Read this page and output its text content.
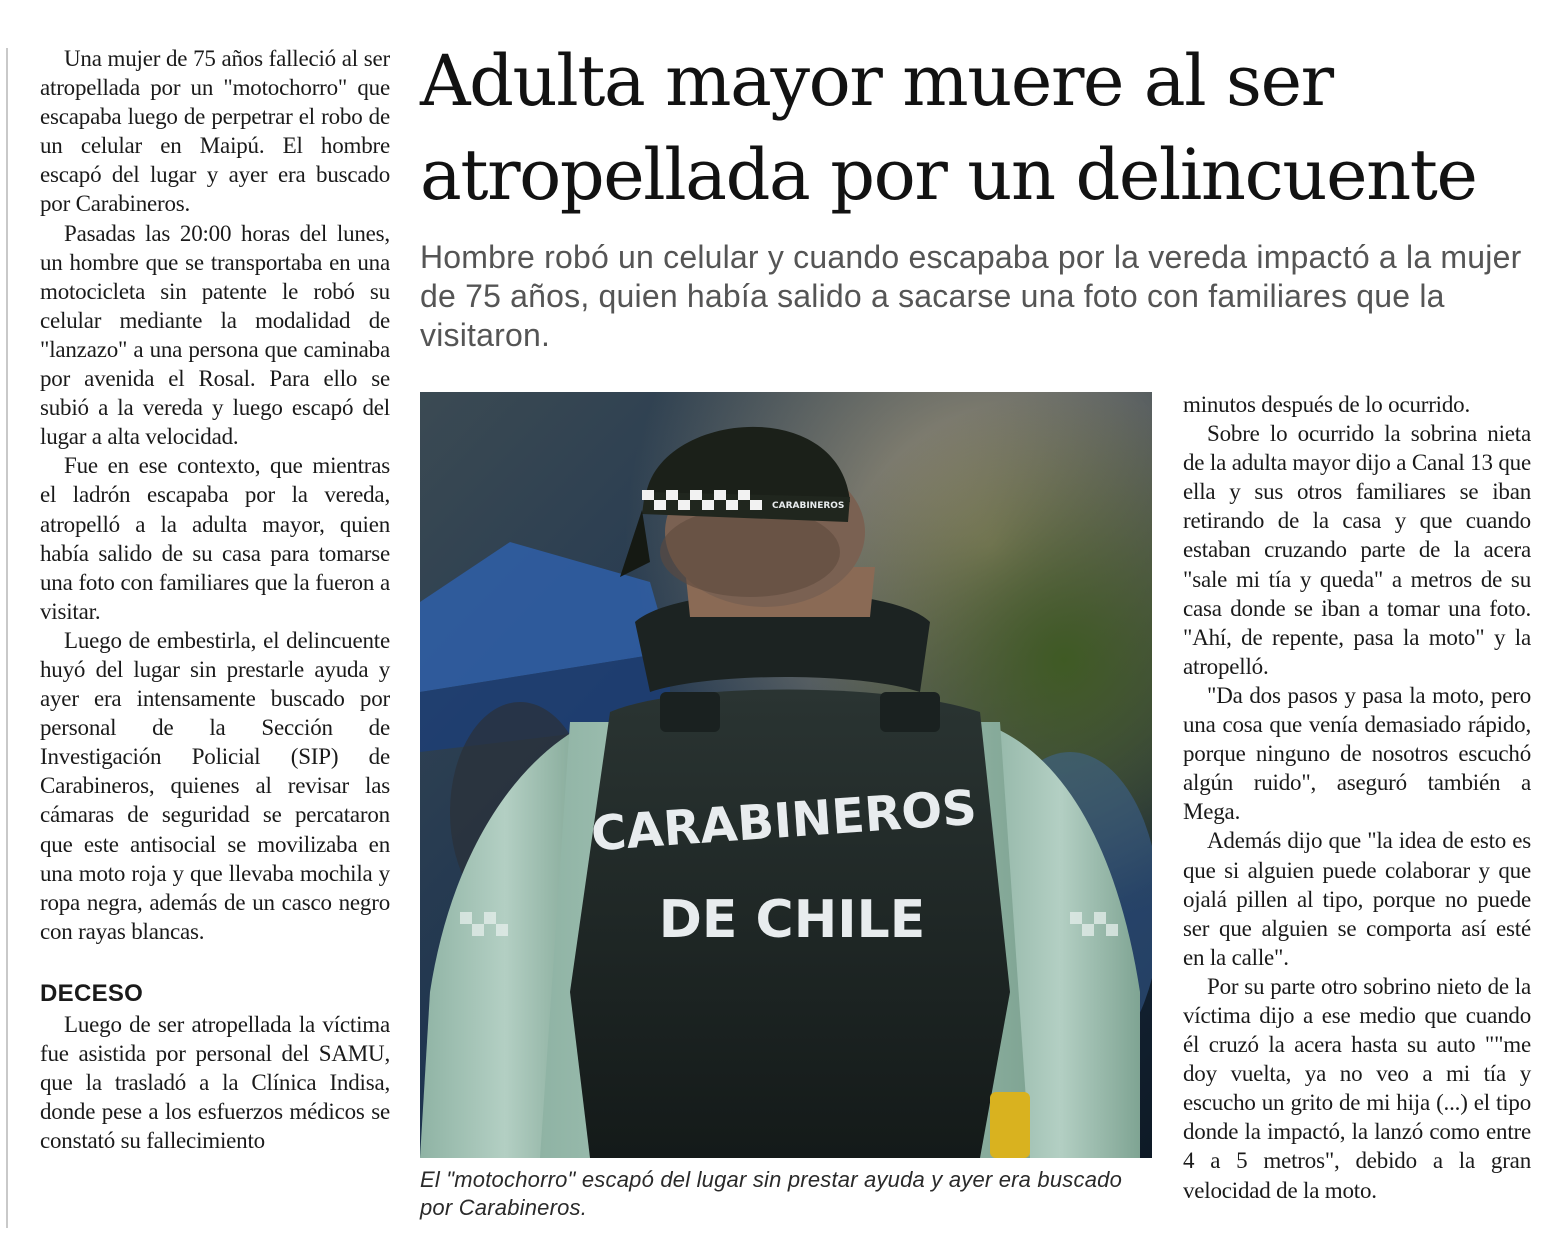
Una mujer de 75 años falleció al ser atropellada por un "motochorro" que escapaba luego de perpetrar el robo de un celular en Maipú. El hombre escapó del lugar y ayer era buscado por Carabineros.

Pasadas las 20:00 horas del lunes, un hombre que se transportaba en una motocicleta sin patente le robó su celular mediante la modalidad de "lanzazo" a una persona que caminaba por avenida el Rosal. Para ello se subió a la vereda y luego escapó del lugar a alta velocidad.

Fue en ese contexto, que mientras el ladrón escapaba por la vereda, atropelló a la adulta mayor, quien había salido de su casa para tomarse una foto con familiares que la fueron a visitar.

Luego de embestirla, el delincuente huyó del lugar sin prestarle ayuda y ayer era intensamente buscado por personal de la Sección de Investigación Policial (SIP) de Carabineros, quienes al revisar las cámaras de seguridad se percataron que este antisocial se movilizaba en una moto roja y que llevaba mochila y ropa negra, además de un casco negro con rayas blancas.

DECESO

Luego de ser atropellada la víctima fue asistida por personal del SAMU, que la trasladó a la Clínica Indisa, donde pese a los esfuerzos médicos se constató su fallecimiento

Adulta mayor muere al ser atropellada por un delincuente

Hombre robó un celular y cuando escapaba por la vereda impactó a la mujer de 75 años, quien había salido a sacarse una foto con familiares que la visitaron.

CARABINEROS
CARABINEROS
DE CHILE

El "motochorro" escapó del lugar sin prestar ayuda y ayer era buscado por Carabineros.

minutos después de lo ocurrido.

Sobre lo ocurrido la sobrina nieta de la adulta mayor dijo a Canal 13 que ella y sus otros familiares se iban retirando de la casa y que cuando estaban cruzando parte de la acera "sale mi tía y queda" a metros de su casa donde se iban a tomar una foto. "Ahí, de repente, pasa la moto" y la atropelló.

"Da dos pasos y pasa la moto, pero una cosa que venía demasiado rápido, porque ninguno de nosotros escuchó algún ruido", aseguró también a Mega.

Además dijo que "la idea de esto es que si alguien puede colaborar y que ojalá pillen al tipo, porque no puede ser que alguien se comporta así esté en la calle".

Por su parte otro sobrino nieto de la víctima dijo a ese medio que cuando él cruzó la acera hasta su auto ""me doy vuelta, ya no veo a mi tía y escucho un grito de mi hija (...) el tipo donde la impactó, la lanzó como entre 4 a 5 metros", debido a la gran velocidad de la moto.
